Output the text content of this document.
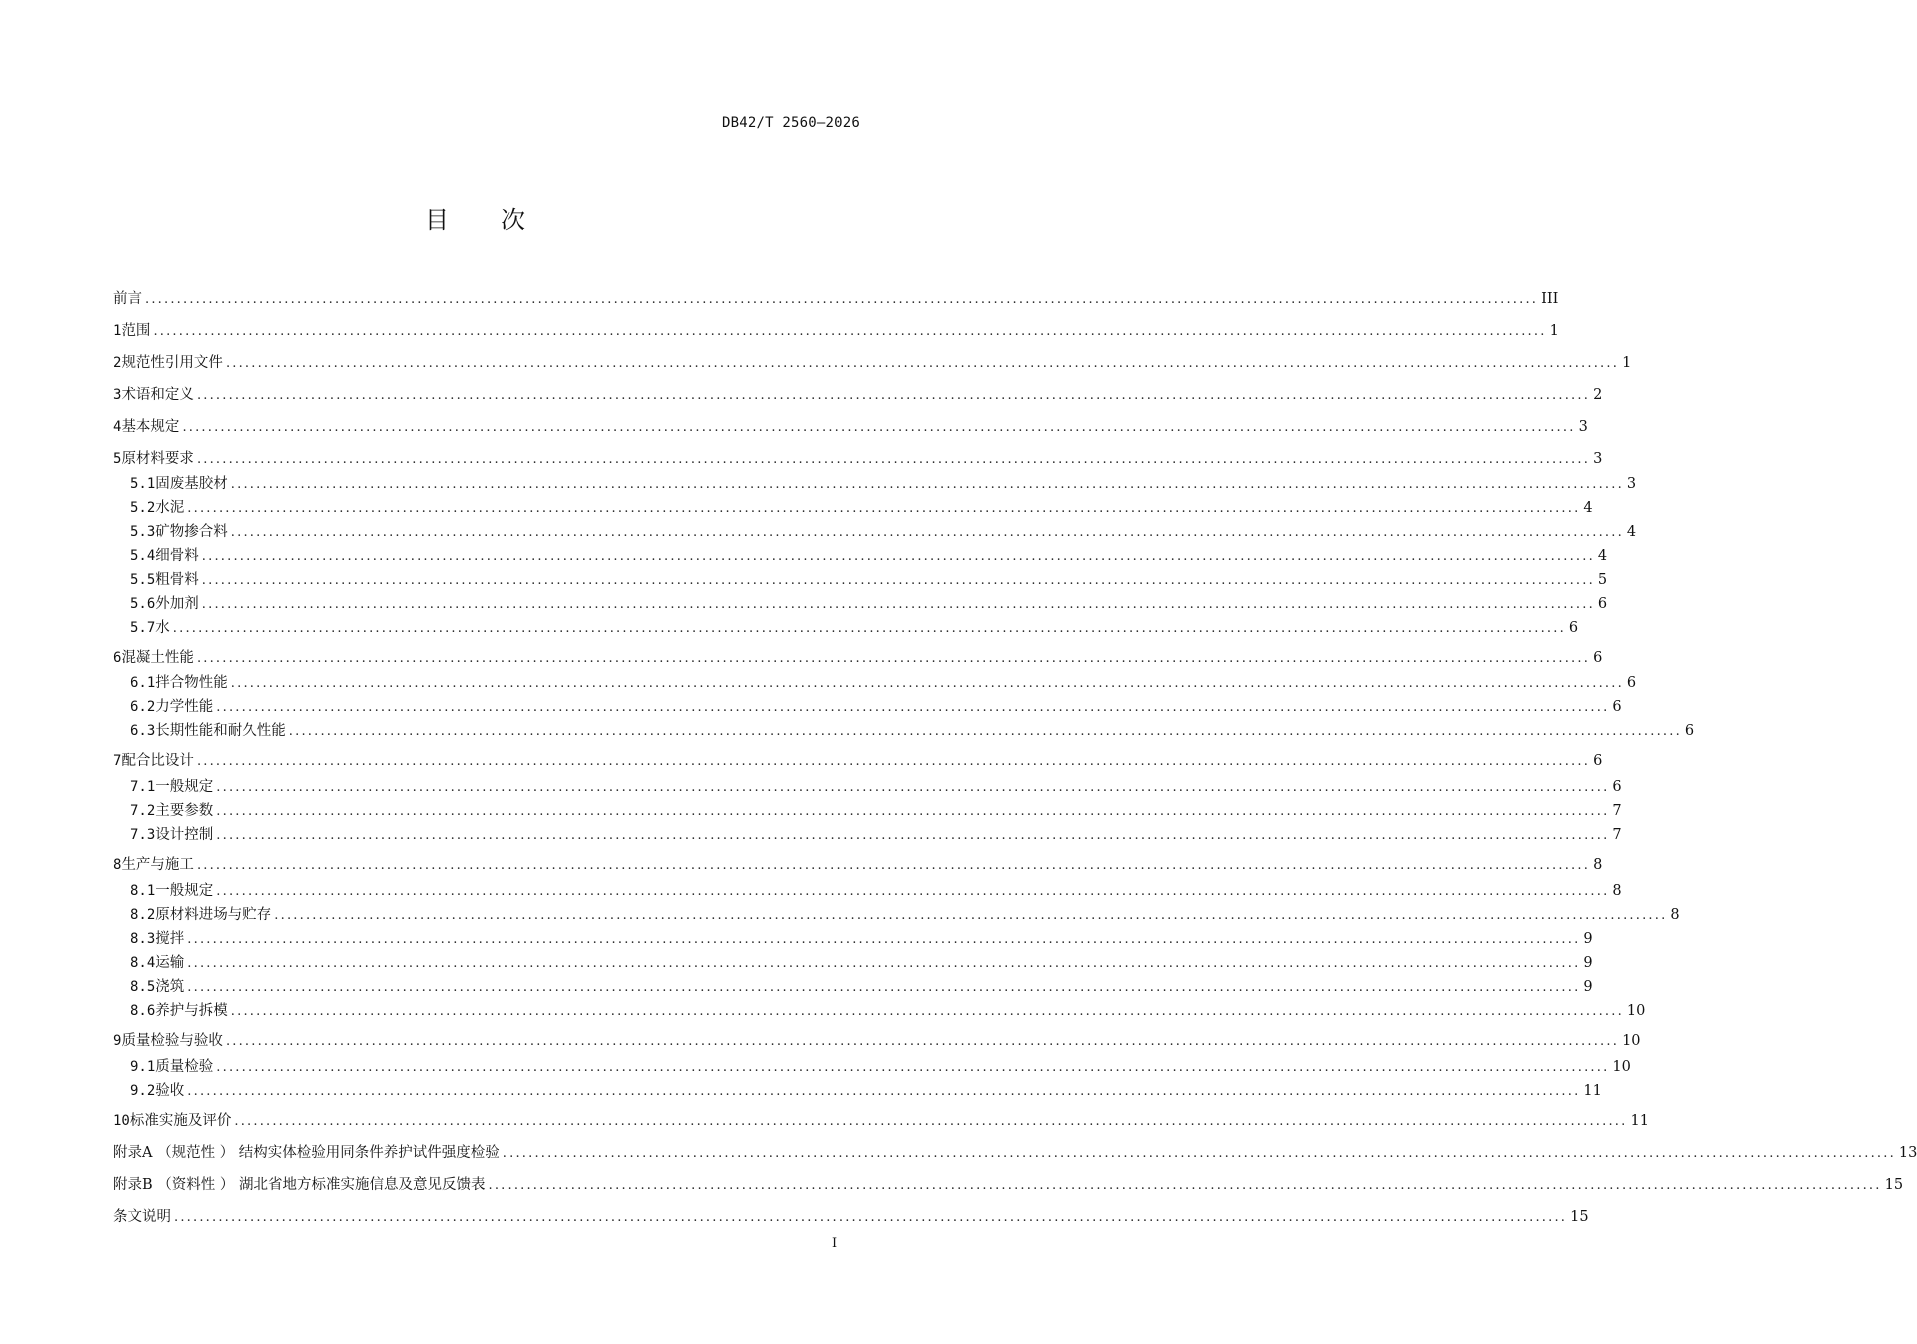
DB42/T 2560—2026
目 次
前言 ............................................................................................................................................................................................................................ III
1 范围 ............................................................................................................................................................................................................................ 1
2 规范性引用文件 ............................................................................................................................................................................................................................ 1
3 术语和定义 ............................................................................................................................................................................................................................ 2
4 基本规定 ............................................................................................................................................................................................................................ 3
5 原材料要求 ............................................................................................................................................................................................................................ 3
5.1 固废基胶材 ............................................................................................................................................................................................................................ 3
5.2 水泥 ............................................................................................................................................................................................................................ 4
5.3 矿物掺合料 ............................................................................................................................................................................................................................ 4
5.4 细骨料 ............................................................................................................................................................................................................................ 4
5.5 粗骨料 ............................................................................................................................................................................................................................ 5
5.6 外加剂 ............................................................................................................................................................................................................................ 6
5.7 水 ............................................................................................................................................................................................................................ 6
6 混凝土性能 ............................................................................................................................................................................................................................ 6
6.1 拌合物性能 ............................................................................................................................................................................................................................ 6
6.2 力学性能 ............................................................................................................................................................................................................................ 6
6.3 长期性能和耐久性能 ............................................................................................................................................................................................................................ 6
7 配合比设计 ............................................................................................................................................................................................................................ 6
7.1 一般规定 ............................................................................................................................................................................................................................ 6
7.2 主要参数 ............................................................................................................................................................................................................................ 7
7.3 设计控制 ............................................................................................................................................................................................................................ 7
8 生产与施工 ............................................................................................................................................................................................................................ 8
8.1 一般规定 ............................................................................................................................................................................................................................ 8
8.2 原材料进场与贮存 ............................................................................................................................................................................................................................ 8
8.3 搅拌 ............................................................................................................................................................................................................................ 9
8.4 运输 ............................................................................................................................................................................................................................ 9
8.5 浇筑 ............................................................................................................................................................................................................................ 9
8.6 养护与拆模 ............................................................................................................................................................................................................................ 10
9 质量检验与验收 ............................................................................................................................................................................................................................ 10
9.1 质量检验 ............................................................................................................................................................................................................................ 10
9.2 验收 ............................................................................................................................................................................................................................ 11
10 标准实施及评价 ............................................................................................................................................................................................................................ 11
附录A （规范性 ） 结构实体检验用同条件养护试件强度检验 ............................................................................................................................................................................................................................ 13
附录B （资料性 ） 湖北省地方标准实施信息及意见反馈表 ............................................................................................................................................................................................................................ 15
条文说明 ............................................................................................................................................................................................................................ 15
I
